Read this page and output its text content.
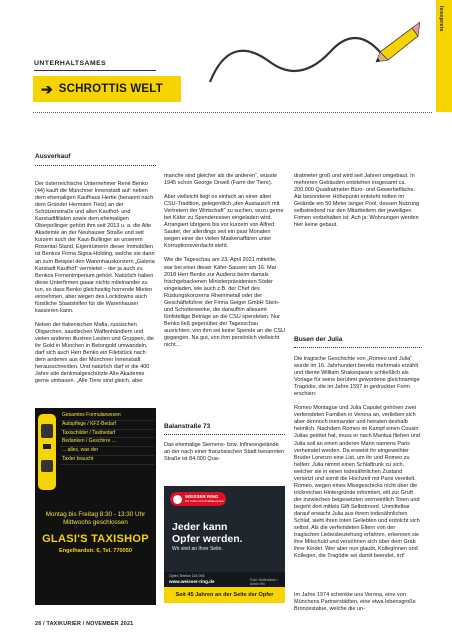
lesepreis
UNTERHALTSAMES
➔ SCHROTTIS WELT
Ausverkauf

Der österreichische Unternehmer René Benko (44) kauft die Münchner Innenstadt auf: neben dem ehemaligen Kaufhaus Hertie (benannt nach dem Gründer Hermann Tietz) an der Schützenstraße und allen Kaufhof- und Karstadtfilialen sowie dem ehemaligen Oberpollinger gehört ihm seit 2013 u. a. die Alte Akademie an der Neuhauser Straße und seit kurzem auch der Kaut-Bullinger an unserem Rosental-Stand. Eigentümerin dieser Immobilien ist Benkos Firma Signa-Holding, welche sie dann an zum Beispiel den Warenhauskonzern „Galeria Karstadt Kaufhof“ vermietet – der ja auch zu Benkos Firmenimperium gehört. Natürlich haben diese Unterfirmen gaaar nichts miteinander zu tun, so dass Benko gleichzeitig horrende Mieten einnehmen, aber wegen des Lockdowns auch fürstliche Staatshilfen für die Warenhauser kassieren kann.

Neben der italienischen Mafia, russischen Oligarchen, saudischen Waffenhändlern und vielen anderen illustren Leuten und Gruppen, die ihr Gold in München in Betongold umwandeln, darf sich auch Herr Benko ein Filetstück nach dem anderen aus der Münchner Innenstadt herausschneiden. Und natürlich darf er die 400 Jahre alte denkmalgeschützte Alte Akademie gerne umbauen. „Alle Tiere sind gleich, aber

manche sind gleicher als die anderen“, wusste 1945 schon George Orwell (Farm der Tiere).

Aber vielleicht liegt es einfach an einer alten CSU-Tradition, gelegentlich „den Austausch mit Vertretern der Wirtschaft“ zu suchen, wozu gerne bei Käfer zu Spenderessen eingeladen wird. Arrangiert übrigens bis vor kurzem von Alfred Sauter, der allerdings seit ein paar Monaten wegen einer der vielen Maskenaffären unter Korruptionsverdacht steht.

Wie die Tageschau am 23. April 2021 mitteilte, war bei einer dieser Käfer-Sausen am 16. Mai 2018 Herr Benko zur Audienz beim damals frischgebackenen Ministerpräsidenten Söder eingeladen, wie auch z.B. der Chef des Rüstungskonzerns Rheinmetall oder der Geschäftsführer der Firma Geiger GmbH Stein- und Schotterwerke, die daraufhin allesamt fünfstellige Beträge an die CSU spendeten. Nur Benko ließ gegenüber der Tagesschau ausrichten, von ihm sei keine Spende an die CSU gegangen. Na gut, von ihm persönlich vielleicht nicht…

Balanstraße 73

Das ehemalige Siemens- bzw. Infineongelände an der nach einer französischen Stadt benannten Straße ist 84.000 Qua-

dratmeter groß und wird seit Jahren umgebaut. In mehreren Gebäuden entstehen insgesamt ca. 200.000 Quadratmeter Büro- und Gewerbefläche. Als besonderer Höhepunkt entsteht mitten im Gelände ein 50 Meter langer Pool, dessen Nutzung selbstredend nur den Mitarbeitern der jeweiligen Firmen vorbehalten ist. Ach ja: Wohnungen werden hier keine gebaut.

Busen der Julia

Die tragische Geschichte von „Romeo und Julia“ wurde im 16. Jahrhundert bereits mehrmals erzählt und diente William Shakespeare schließlich als Vorlage für seine berühmt gewordene gleichnamige Tragödie, die im Jahre 1597 in gedruckter Form erschien:

Romeo Montague und Julia Capulet gehören zwei verfeindeten Familien in Verona an, verlieben sich aber dennoch ineinander und heiraten deshalb heimlich. Nachdem Romeo im Kampf einen Cousin Julias getötet hat, muss er nach Mantua fliehen und Julia soll an einen anderen Mann namens Paris verheiratet werden. Da erweist ihr eingeweihter Bruder Lorenzo eine List, um ihr und Romeo zu helfen: Julia nimmt einen Schlaftrunk zu sich, welcher sie in einen todesähnlichen Zustand versetzt und somit die Hochzeit mit Paris vereitelt. Romeo, wegen eines Missgeschicks nicht über die trickreichen Hintergründe informiert, eilt zur Gruft der inzwischen beigesetzten vermeintlich Toten und begeht dort mittels Gift Selbstmord. Unmittelbar darauf erwacht Julia aus ihrem todesähnlichen Schlaf, sieht ihren toten Geliebten und erdolcht sich selbst. Als die verfeindeten Eltern von der tragischen Liebesbeziehung erfahren, erkennen sie ihre Mitschuld und versöhnen sich über dem Grab ihrer Kinder. Wer aber nun glaubt, KollegInnen und Kollegen, die Tragödie sei damit beendet, irrt!

Im Jahre 1974 schenkte uns Verona, eine von Münchens Partnerstädten, eine etwa lebensgroße Bronzestatue, welche die un-

Gesamtes Formularwesen
Autopflege / KFZ-Bedarf
Taxischilder / Taxibedarf
Bedanken / Geschirre ...
... alles, was der
Taxler braucht
Montag bis Freitag 8:30 - 13:30 Uhr
Mittwochs geschlossen
GLASI'S TAXISHOP
Engelhardstr. 6, Tel. 770050
WEISSER RING
Wir helfen Kriminalitätsopfern.
Jeder kann
Opfer werden.
Wir sind an Ihrer Seite.
Opfer-Telefon 116 006
www.weisser-ring.de	Foto: Hutterstock / Anton Wo
Seit 45 Jahren an der Seite der Opfer
26 / TAXIKURIER / NOVEMBER 2021
